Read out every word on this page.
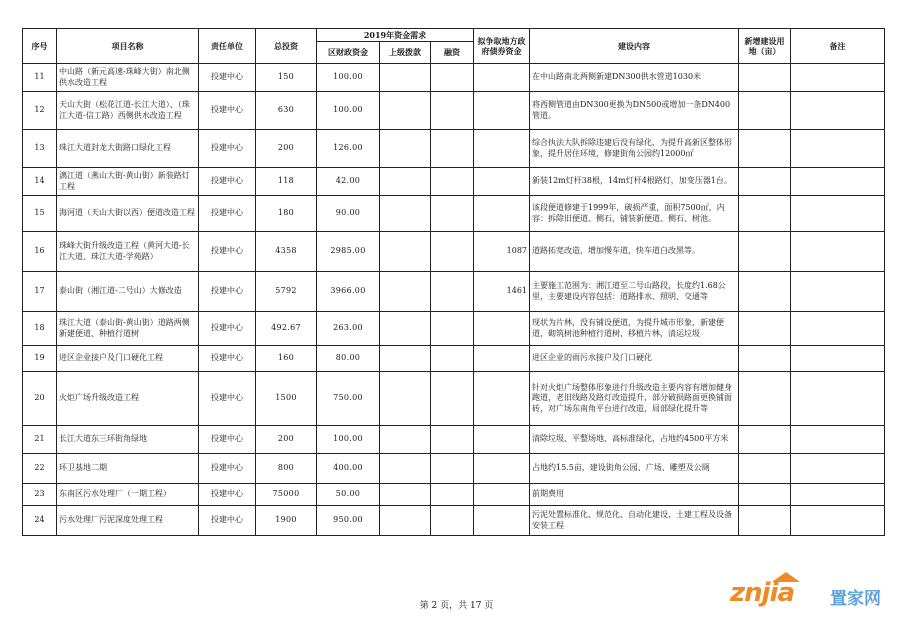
序号	项目名称	责任单位	总投资	2019年资金需求			拟争取地方政府债券资金	建设内容	新增建设用地（亩）	备注
				区财政资金	上级拨款	融资				
11	中山路（新元高速-珠峰大街）南北侧供水改造工程	投建中心	150	100.00				在中山路南北两侧新建DN300供水管道1030米		
12	天山大街（松花江道-长江大道）、（珠江大道-信工路）西侧供水改造工程	投建中心	630	100.00				将西侧管道由DN300更换为DN500或增加一条DN400管道。		
13	珠江大道封龙大街路口绿化工程	投建中心	200	126.00				综合执法大队拆除违建后没有绿化，为提升高新区整体形象，提升居住环境，修建街角公园约12000㎡		
14	漓江道（燕山大街-黄山街）新装路灯工程	投建中心	118	42.00				新装12m灯杆38根，14m灯杆4根路灯，加变压器1台。		
15	海河道（天山大街以西）便道改造工程	投建中心	180	90.00				该段便道修建于1999年，破损严重，面积7500㎡，内容：拆除旧便道、侧石，铺装新便道、侧石、树池。		
16	珠峰大街升级改造工程（黄河大道-长江大道、珠江大道-学苑路）	投建中心	4358	2985.00			1087	道路拓宽改造，增加慢车道，快车道白改黑等。		
17	泰山街（湘江道-二号山）大修改造	投建中心	5792	3966.00			1461	主要施工范围为：湘江道至二号山路段，长度约1.68公里，主要建设内容包括：道路排水、照明、交通等		
18	珠江大道（泰山街-黄山街）道路两侧新建便道、种植行道树	投建中心	492.67	263.00				现状为片林，没有铺设便道，为提升城市形象，新建便道，砌筑树池种植行道树，移植片林，清运垃圾		
19	进区企业接户及门口硬化工程	投建中心	160	80.00				进区企业的雨污水接户及门口硬化		
20	火炬广场升级改造工程	投建中心	1500	750.00				针对火炬广场整体形象进行升级改造主要内容有增加健身跑道，老旧线路及路灯改造提升，部分破损路面更换铺面砖，对广场东南角平台进行改造，局部绿化提升等		
21	长江大道东三环街角绿地	投建中心	200	100.00				清除垃圾、平整场地、高标准绿化，占地约4500平方米		
22	环卫基地二期	投建中心	800	400.00				占地约15.5亩，建设街角公园、广场、雕塑及公厕		
23	东南区污水处理厂（一期工程）	投建中心	75000	50.00				前期费用		
24	污水处理厂污泥深度处理工程	投建中心	1900	950.00				污泥处置标准化、规范化、自动化建设，土建工程及设备安装工程		
第 2 页，共 17 页	znjia 置家网
